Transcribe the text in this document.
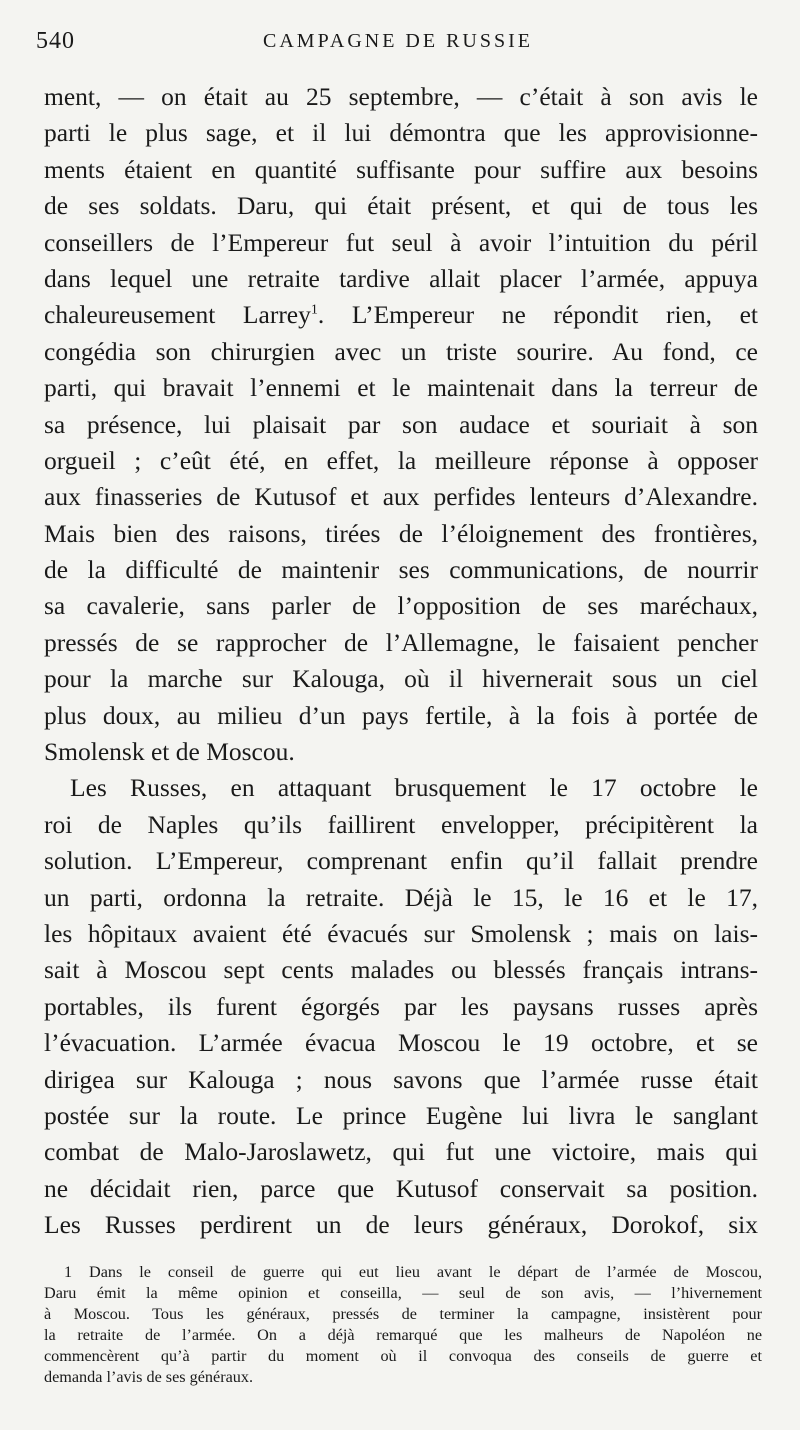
540	CAMPAGNE DE RUSSIE
ment, — on était au 25 septembre, — c’était à son avis le
parti le plus sage, et il lui démontra que les approvisionne-
ments étaient en quantité suffisante pour suffire aux besoins
de ses soldats. Daru, qui était présent, et qui de tous les
conseillers de l’Empereur fut seul à avoir l’intuition du péril
dans lequel une retraite tardive allait placer l’armée, appuya
chaleureusement Larrey$^1$. L’Empereur ne répondit rien, et
congédia son chirurgien avec un triste sourire. Au fond, ce
parti, qui bravait l’ennemi et le maintenait dans la terreur de
sa présence, lui plaisait par son audace et souriait à son
orgueil ; c’eût été, en effet, la meilleure réponse à opposer
aux finasseries de Kutusof et aux perfides lenteurs d’Alexandre.
Mais bien des raisons, tirées de l’éloignement des frontières,
de la difficulté de maintenir ses communications, de nourrir
sa cavalerie, sans parler de l’opposition de ses maréchaux,
pressés de se rapprocher de l’Allemagne, le faisaient pencher
pour la marche sur Kalouga, où il hivernerait sous un ciel
plus doux, au milieu d’un pays fertile, à la fois à portée de
Smolensk et de Moscou.
Les Russes, en attaquant brusquement le 17 octobre le
roi de Naples qu’ils faillirent envelopper, précipitèrent la
solution. L’Empereur, comprenant enfin qu’il fallait prendre
un parti, ordonna la retraite. Déjà le 15, le 16 et le 17,
les hôpitaux avaient été évacués sur Smolensk ; mais on lais-
sait à Moscou sept cents malades ou blessés français intrans-
portables, ils furent égorgés par les paysans russes après
l’évacuation. L’armée évacua Moscou le 19 octobre, et se
dirigea sur Kalouga ; nous savons que l’armée russe était
postée sur la route. Le prince Eugène lui livra le sanglant
combat de Malo-Jaroslawetz, qui fut une victoire, mais qui
ne décidait rien, parce que Kutusof conservait sa position.
Les Russes perdirent un de leurs généraux, Dorokof, six
1 Dans le conseil de guerre qui eut lieu avant le départ de l’armée de Moscou,
Daru émit la même opinion et conseilla, — seul de son avis, — l’hivernement
à Moscou. Tous les généraux, pressés de terminer la campagne, insistèrent pour
la retraite de l’armée. On a déjà remarqué que les malheurs de Napoléon ne
commencèrent qu’à partir du moment où il convoqua des conseils de guerre et
demanda l’avis de ses généraux.
